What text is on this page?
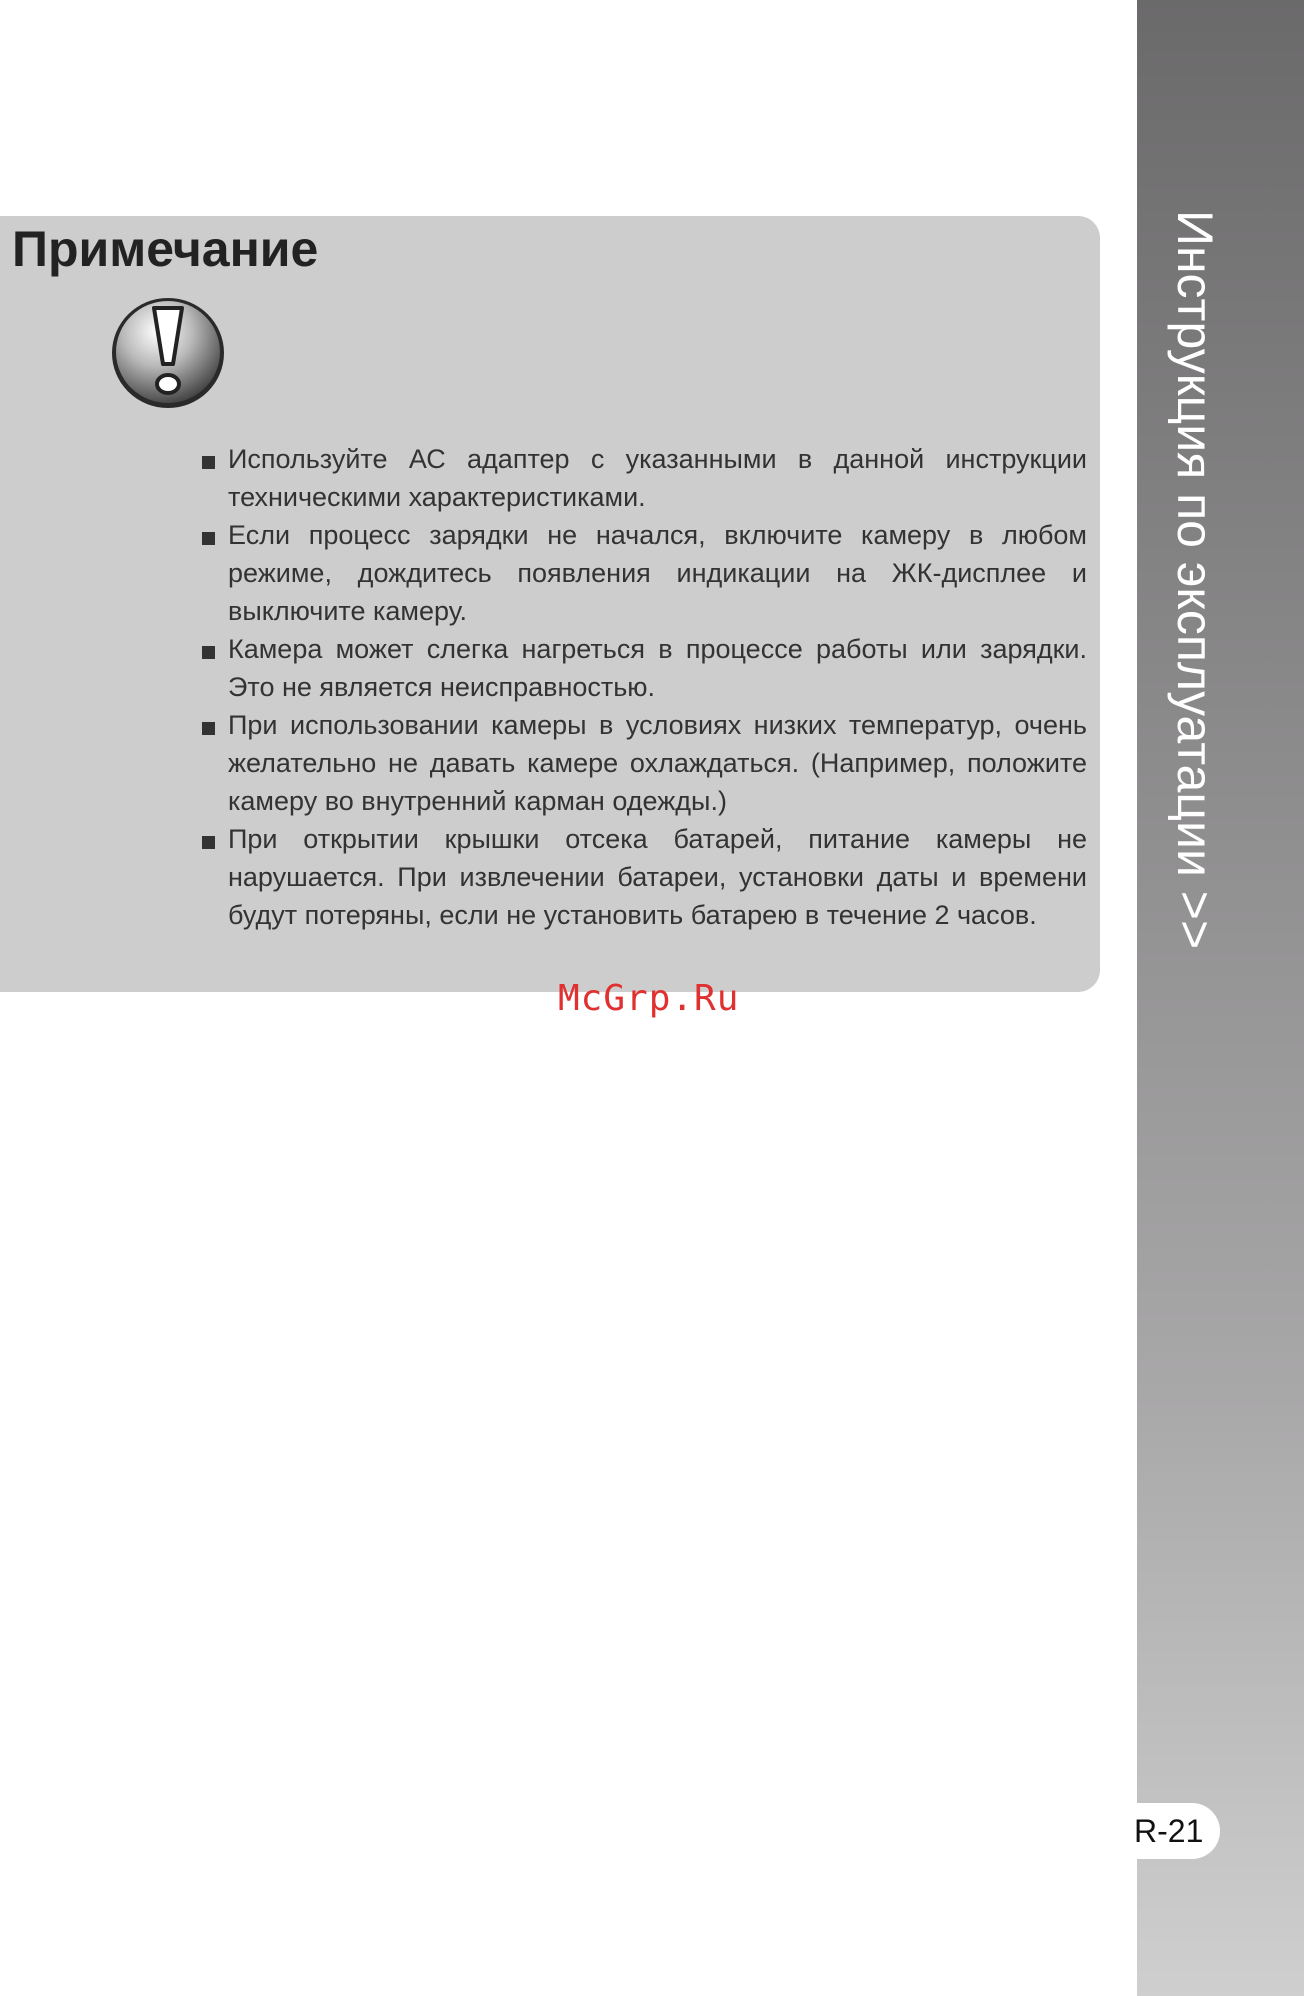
Инструкция по эксплуатации >>
R-21
Примечание
Используйте АС адаптер с указанными в данной инструкции техническими характеристиками.
Если процесс зарядки не начался, включите камеру в любом режиме, дождитесь появления индикации на ЖК-дисплее и выключите камеру.
Камера может слегка нагреться в процессе работы или зарядки. Это не является неисправностью.
При использовании камеры в условиях низких температур, очень желательно не давать камере охлаждаться. (Например, положите камеру во внутренний карман одежды.)
При открытии крышки отсека батарей, питание камеры не нарушается. При извлечении батареи, установки даты и времени будут потеряны, если не установить батарею в течение 2 часов.
McGrp.Ru
